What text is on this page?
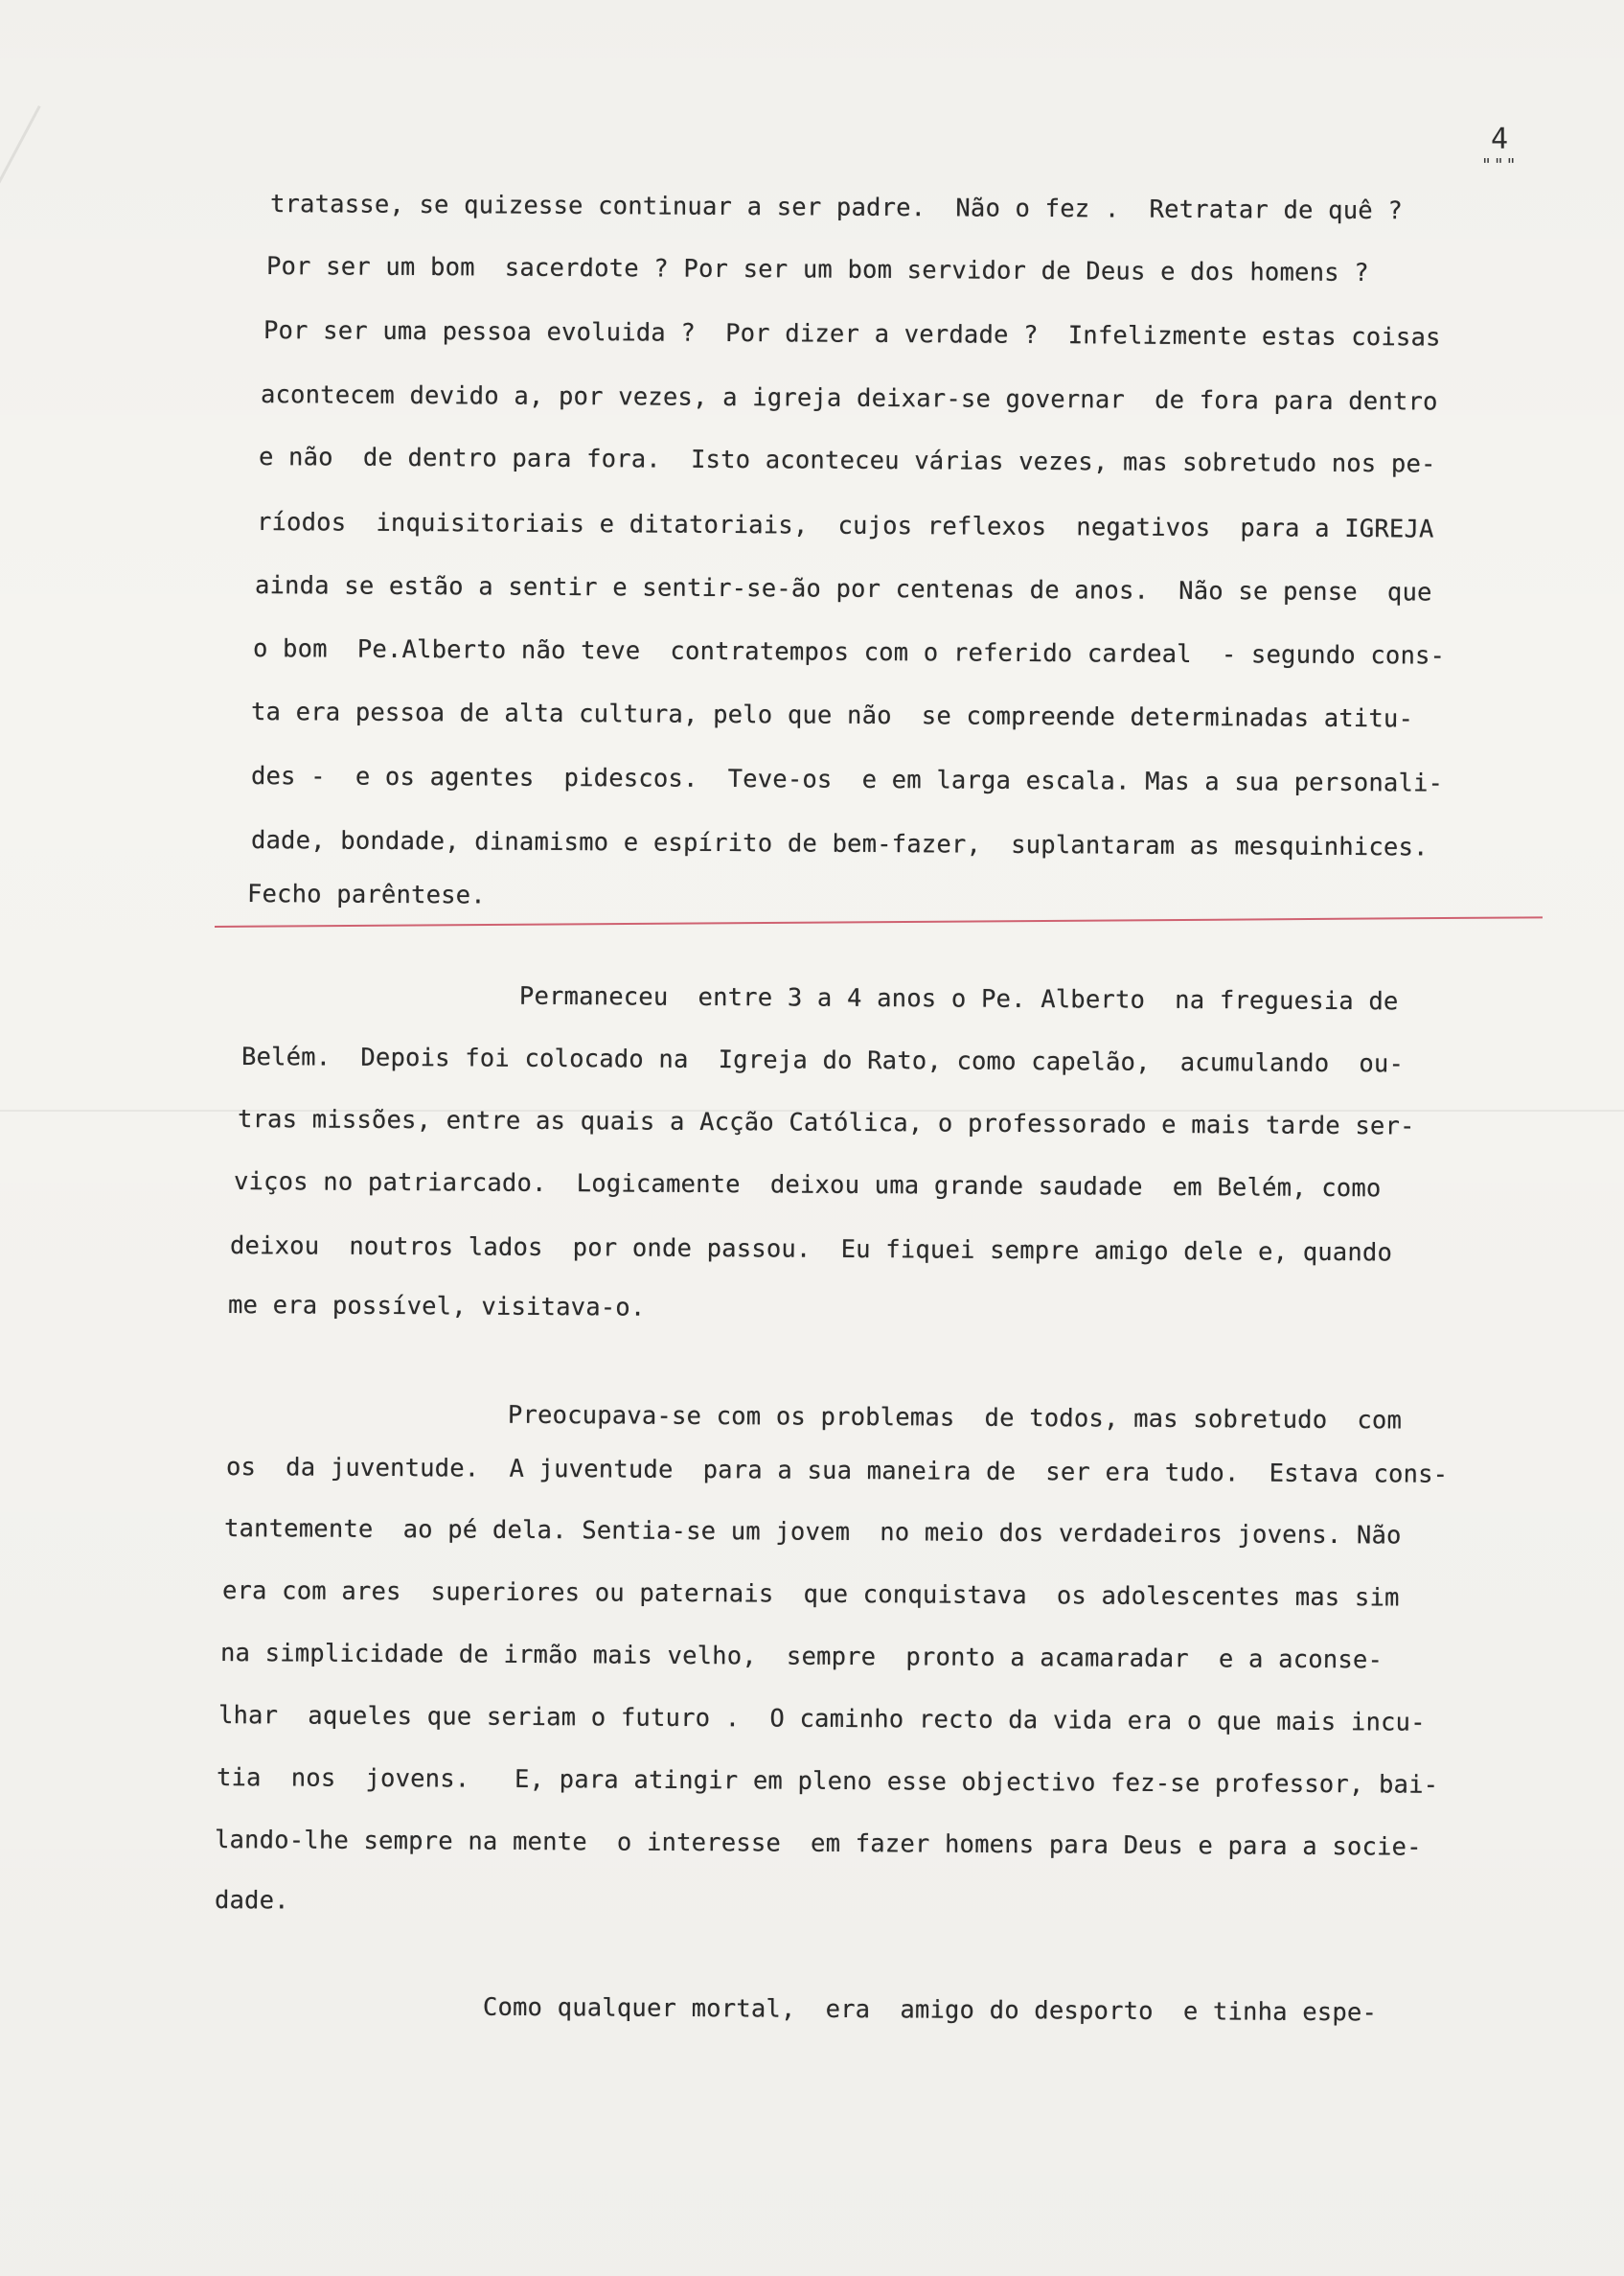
4
"""
tratasse, se quizesse continuar a ser padre.  Não o fez .  Retratar de quê ?
Por ser um bom  sacerdote ? Por ser um bom servidor de Deus e dos homens ?
Por ser uma pessoa evoluida ?  Por dizer a verdade ?  Infelizmente estas coisas
acontecem devido a, por vezes, a igreja deixar-se governar  de fora para dentro
e não  de dentro para fora.  Isto aconteceu várias vezes, mas sobretudo nos pe-
ríodos  inquisitoriais e ditatoriais,  cujos reflexos  negativos  para a IGREJA
ainda se estão a sentir e sentir-se-ão por centenas de anos.  Não se pense  que
o bom  Pe.Alberto não teve  contratempos com o referido cardeal  - segundo cons-
ta era pessoa de alta cultura, pelo que não  se compreende determinadas atitu-
des -  e os agentes  pidescos.  Teve-os  e em larga escala. Mas a sua personali-
dade, bondade, dinamismo e espírito de bem-fazer,  suplantaram as mesquinhices.
Fecho parêntese.
Permaneceu  entre 3 a 4 anos o Pe. Alberto  na freguesia de
Belém.  Depois foi colocado na  Igreja do Rato, como capelão,  acumulando  ou-
tras missões, entre as quais a Acção Católica, o professorado e mais tarde ser-
viços no patriarcado.  Logicamente  deixou uma grande saudade  em Belém, como
deixou  noutros lados  por onde passou.  Eu fiquei sempre amigo dele e, quando
me era possível, visitava-o.
Preocupava-se com os problemas  de todos, mas sobretudo  com
os  da juventude.  A juventude  para a sua maneira de  ser era tudo.  Estava cons-
tantemente  ao pé dela. Sentia-se um jovem  no meio dos verdadeiros jovens. Não
era com ares  superiores ou paternais  que conquistava  os adolescentes mas sim
na simplicidade de irmão mais velho,  sempre  pronto a acamaradar  e a aconse-
lhar  aqueles que seriam o futuro .  O caminho recto da vida era o que mais incu-
tia  nos  jovens.   E, para atingir em pleno esse objectivo fez-se professor, bai-
lando-lhe sempre na mente  o interesse  em fazer homens para Deus e para a socie-
dade.
Como qualquer mortal,  era  amigo do desporto  e tinha espe-
